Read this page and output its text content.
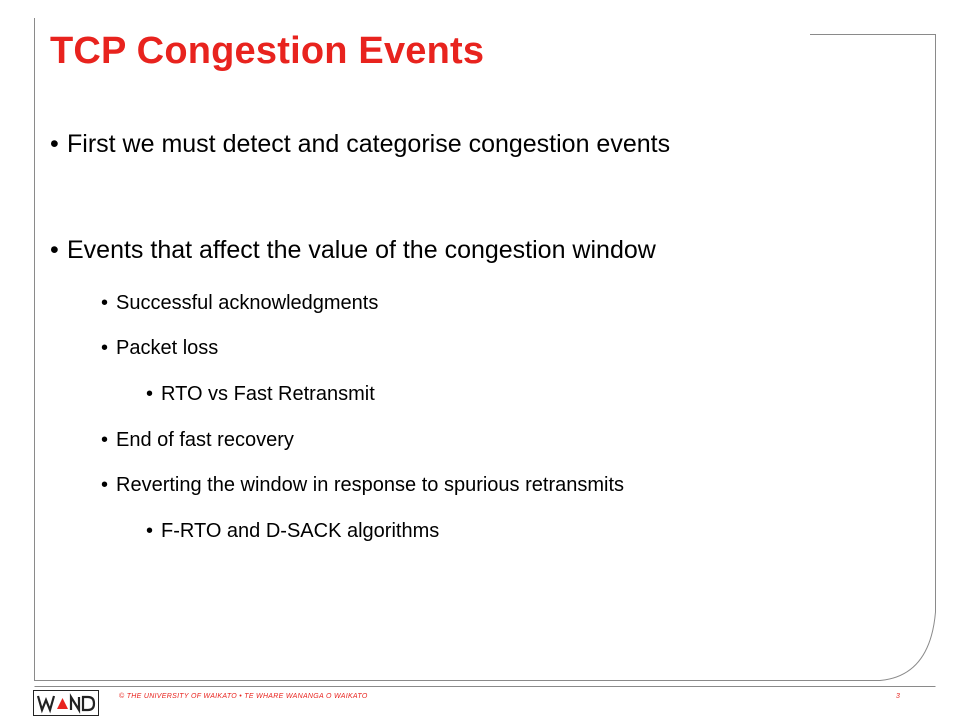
TCP Congestion Events
• First we must detect and categorise congestion events
• Events that affect the value of the congestion window
• Successful acknowledgments
• Packet loss
• RTO vs Fast Retransmit
• End of fast recovery
• Reverting the window in response to spurious retransmits
• F-RTO and D-SACK algorithms
© THE UNIVERSITY OF WAIKATO • TE WHARE WANANGA O WAIKATO	3
